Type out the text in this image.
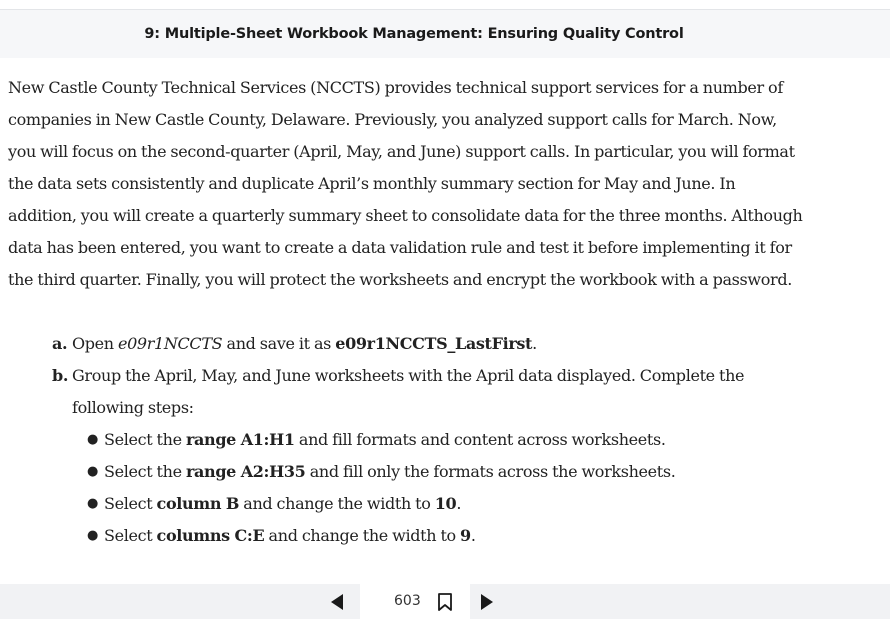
9: Multiple-Sheet Workbook Management: Ensuring Quality Control

New Castle County Technical Services (NCCTS) provides technical support services for a number of companies in New Castle County, Delaware. Previously, you analyzed support calls for March. Now, you will focus on the second-quarter (April, May, and June) support calls. In particular, you will format the data sets consistently and duplicate April’s monthly summary section for May and June. In addition, you will create a quarterly summary sheet to consolidate data for the three months. Although data has been entered, you want to create a data validation rule and test it before implementing it for the third quarter. Finally, you will protect the worksheets and encrypt the workbook with a password.

a. Open e09r1NCCTS and save it as e09r1NCCTS_LastFirst.
b. Group the April, May, and June worksheets with the April data displayed. Complete the following steps:
● Select the range A1:H1 and fill formats and content across worksheets.
● Select the range A2:H35 and fill only the formats across the worksheets.
● Select column B and change the width to 10.
● Select columns C:E and change the width to 9.
603
